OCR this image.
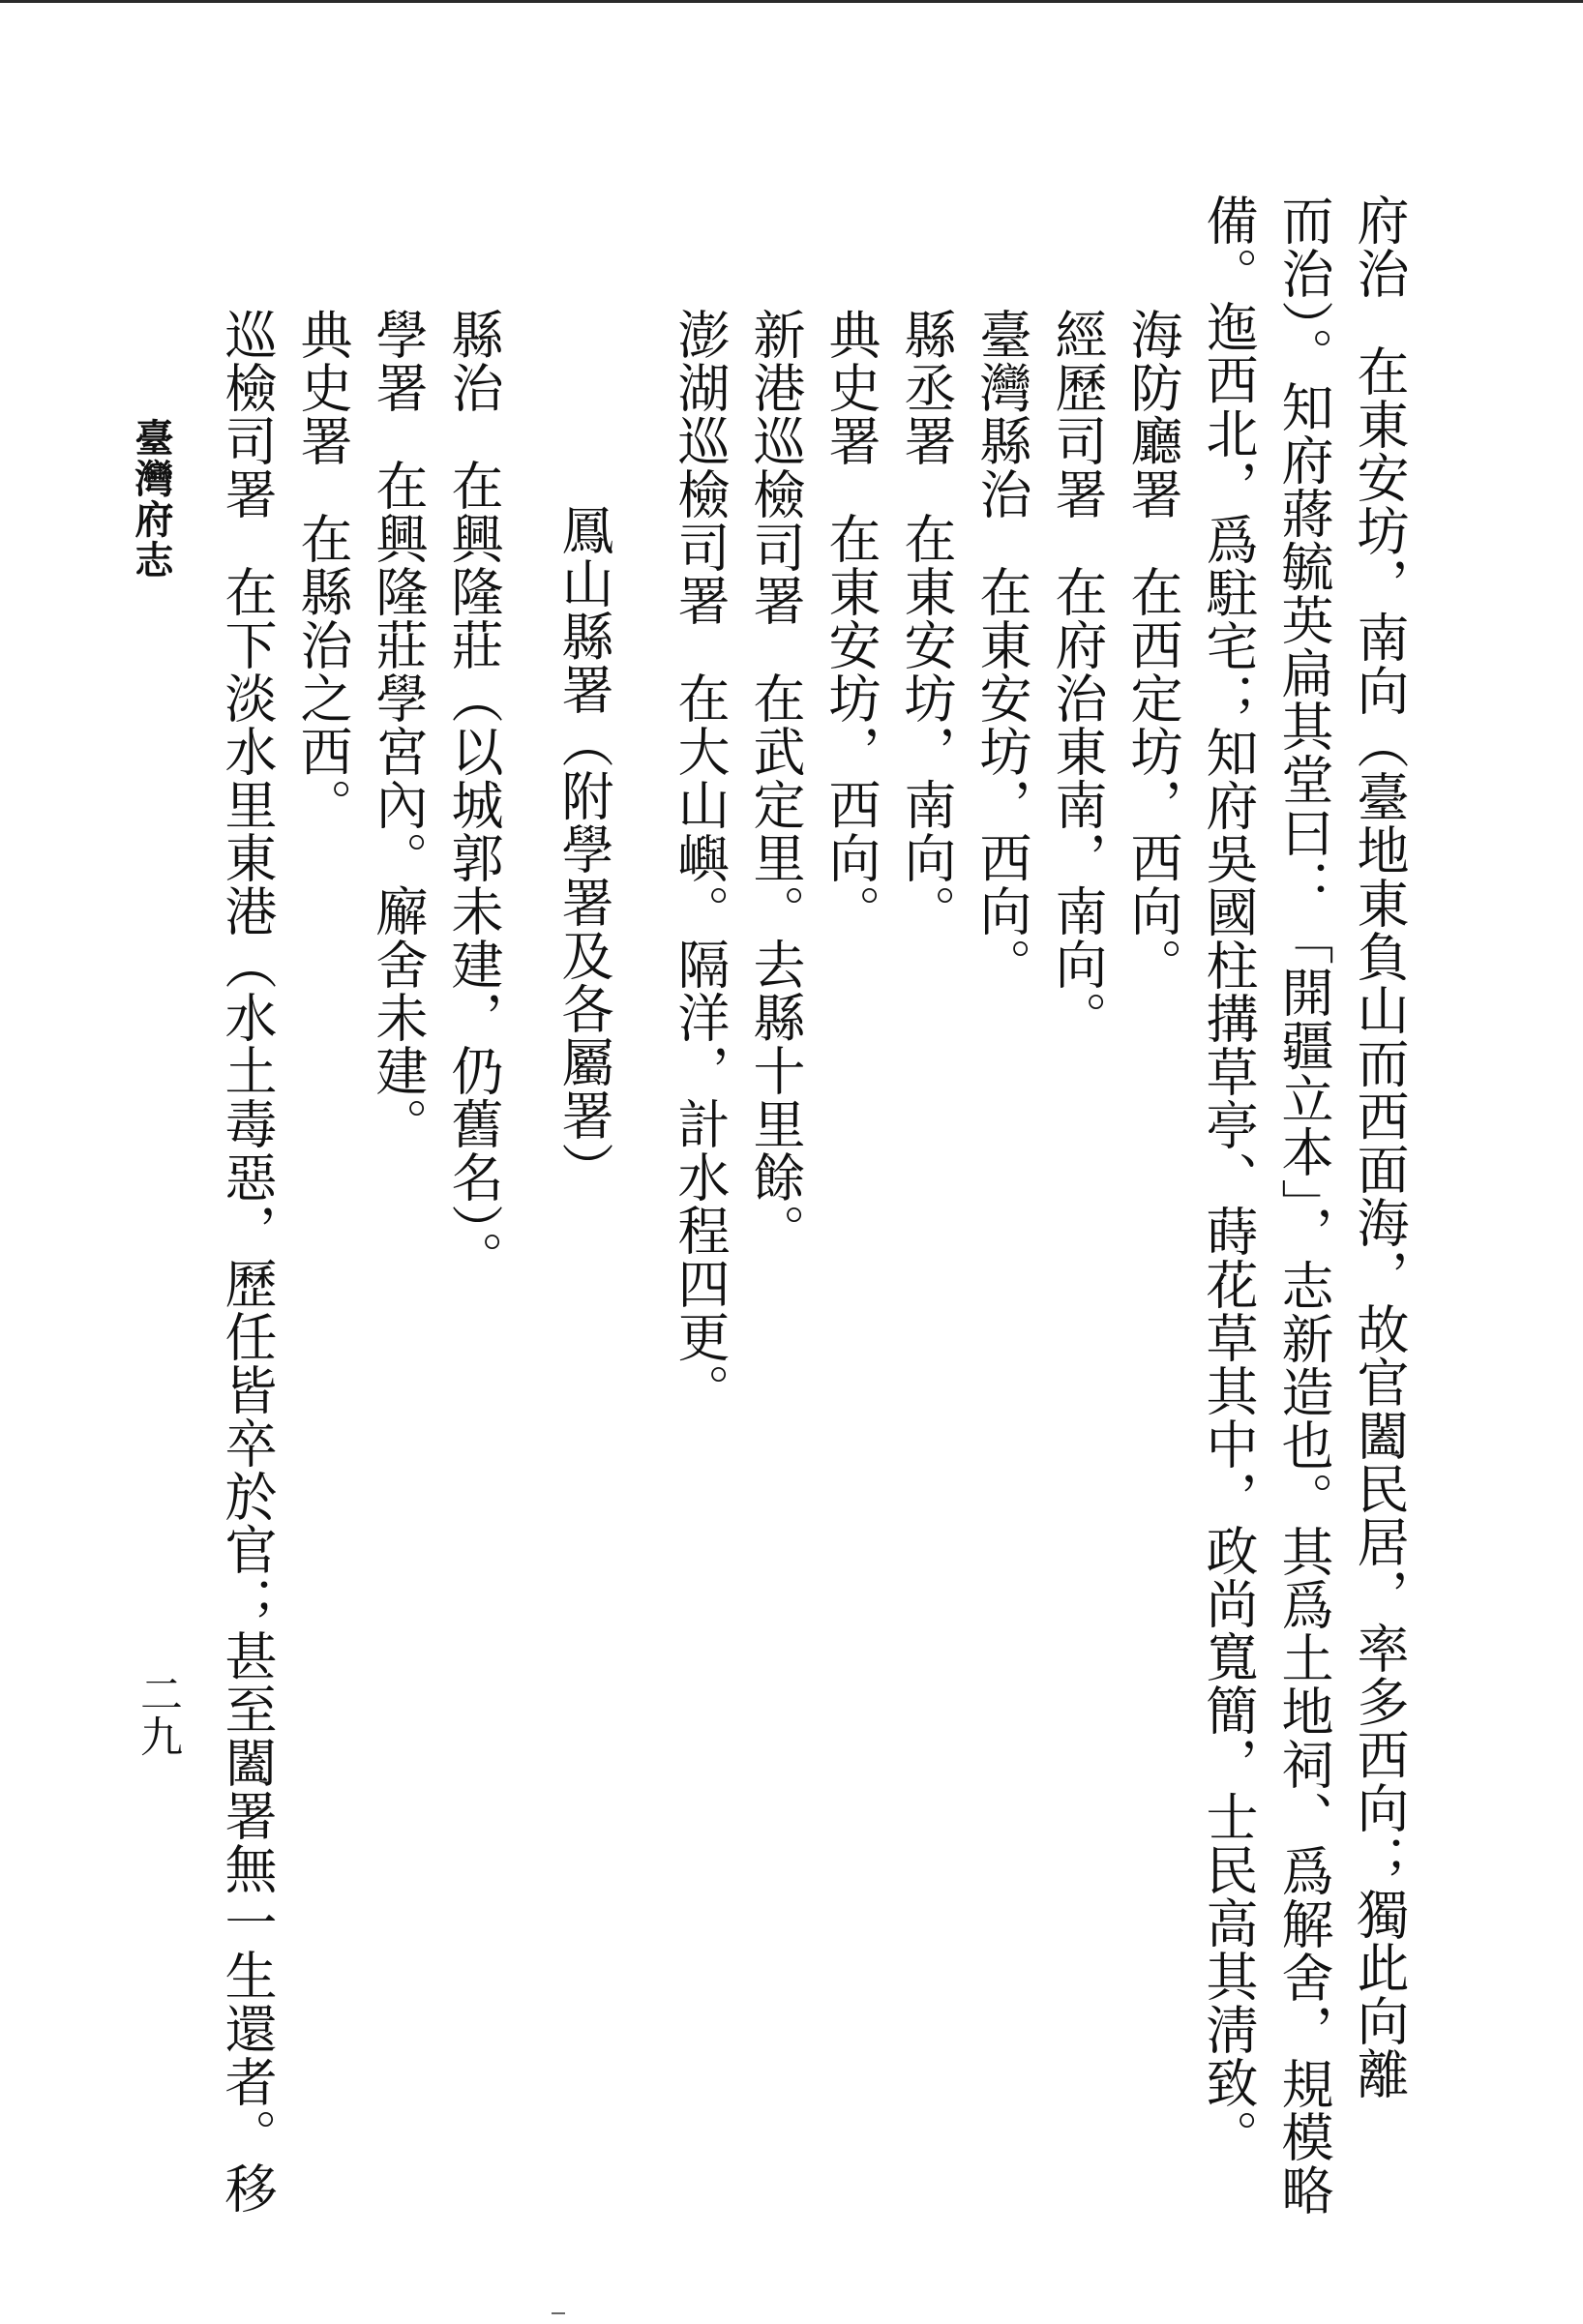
府治在東安坊，南向（臺地東負山而西面海，故官闔民居，率多西向；獨此向離
而治）。知府蔣毓英扁其堂曰：「開疆立本」，志新造也。其爲土地祠、爲解舍，規模略
備。迤西北，爲駐宅；知府吳國柱搆草亭、蒔花草其中，政尚寬簡，士民高其淸致。
海防廳署在西定坊，西向。
經歷司署在府治東南，南向。
臺灣縣治在東安坊，西向。
縣丞署在東安坊，南向。
典史署在東安坊，西向。
新港巡檢司署在武定里。去縣十里餘。
澎湖巡檢司署在大山嶼。隔洋，計水程四更。
鳳山縣署（附學署及各屬署）
縣治在興隆莊（以城郭未建，仍舊名）。
學署在興隆莊學宮內。廨舍未建。
典史署在縣治之西。
巡檢司署在下淡水里東港（水土毒惡，歷任皆卒於官；甚至闔署無一生還者。移
臺灣府志
二九
